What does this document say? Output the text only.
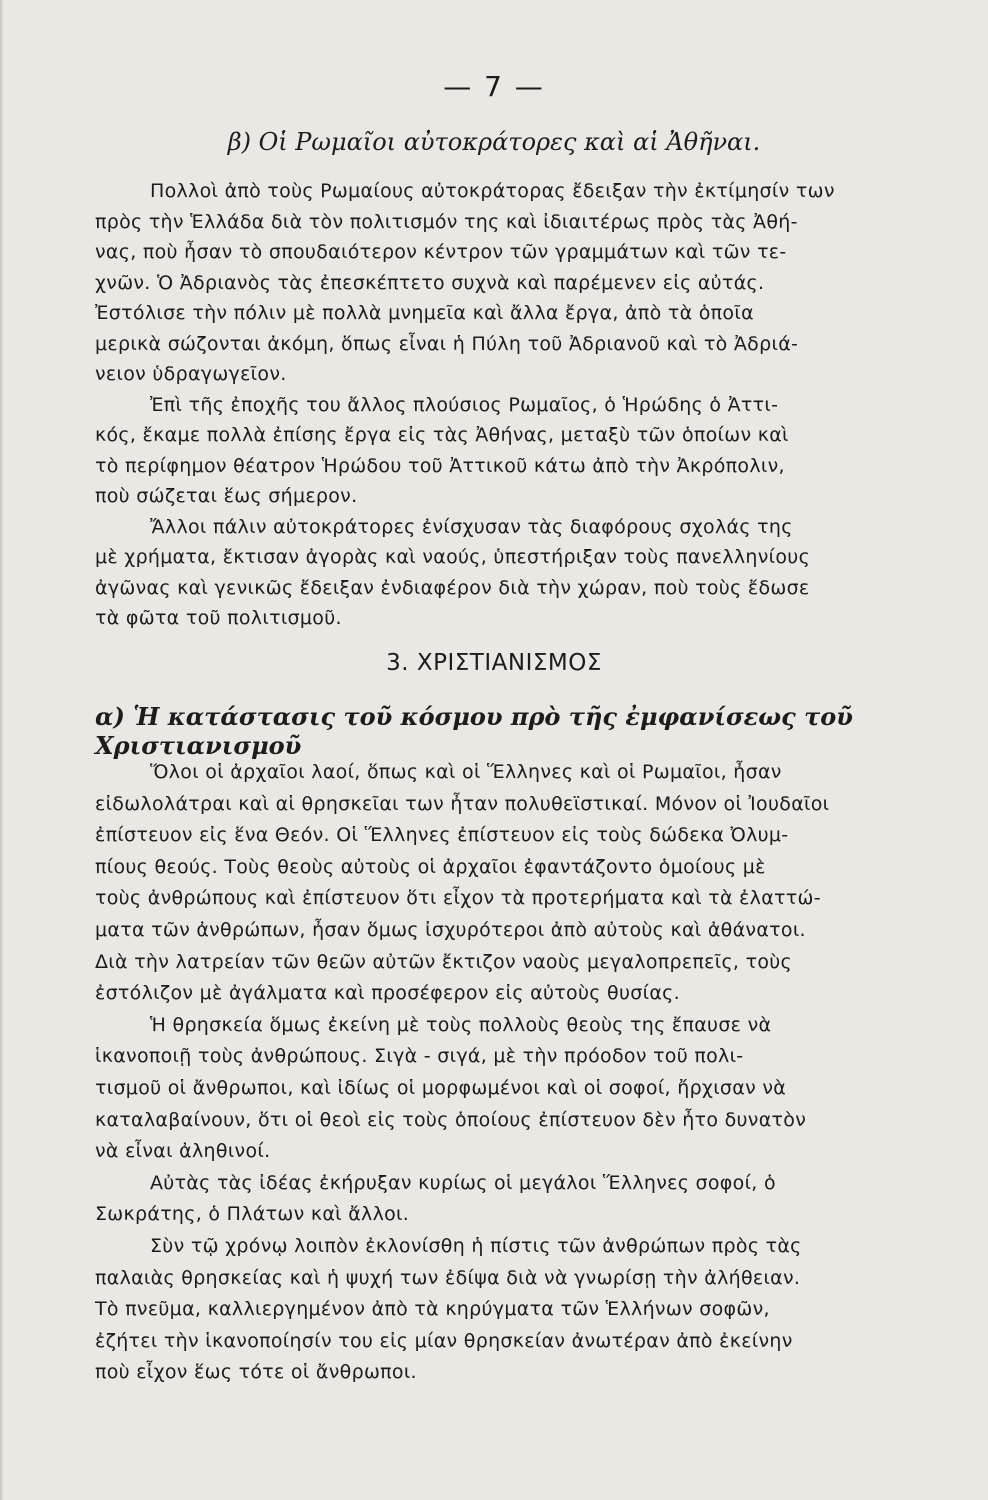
— 7 —
β) Οἱ Ρωμαῖοι αὐτοκράτορες καὶ αἱ Ἀθῆναι.
Πολλοὶ ἀπὸ τοὺς Ρωμαίους αὐτοκράτορας ἔδειξαν τὴν ἐκτίμησίν των
πρὸς τὴν Ἑλλάδα διὰ τὸν πολιτισμόν της καὶ ἰδιαιτέρως πρὸς τὰς Ἀθή-
νας, ποὺ ἦσαν τὸ σπουδαιότερον κέντρον τῶν γραμμάτων καὶ τῶν τε-
χνῶν. Ὁ Ἀδριανὸς τὰς ἐπεσκέπτετο συχνὰ καὶ παρέμενεν εἰς αὐτάς.
Ἐστόλισε τὴν πόλιν μὲ πολλὰ μνημεῖα καὶ ἄλλα ἔργα, ἀπὸ τὰ ὁποῖα
μερικὰ σώζονται ἀκόμη, ὅπως εἶναι ἡ Πύλη τοῦ Ἀδριανοῦ καὶ τὸ Ἀδριά-
νειον ὑδραγωγεῖον.
Ἐπὶ τῆς ἐποχῆς του ἄλλος πλούσιος Ρωμαῖος, ὁ Ἡρώδης ὁ Ἀττι-
κός, ἔκαμε πολλὰ ἐπίσης ἔργα εἰς τὰς Ἀθήνας, μεταξὺ τῶν ὁποίων καὶ
τὸ περίφημον θέατρον Ἡρώδου τοῦ Ἀττικοῦ κάτω ἀπὸ τὴν Ἀκρόπολιν,
ποὺ σώζεται ἕως σήμερον.
Ἄλλοι πάλιν αὐτοκράτορες ἐνίσχυσαν τὰς διαφόρους σχολάς της
μὲ χρήματα, ἔκτισαν ἀγορὰς καὶ ναούς, ὑπεστήριξαν τοὺς πανελληνίους
ἀγῶνας καὶ γενικῶς ἔδειξαν ἐνδιαφέρον διὰ τὴν χώραν, ποὺ τοὺς ἔδωσε
τὰ φῶτα τοῦ πολιτισμοῦ.
3. ΧΡΙΣΤΙΑΝΙΣΜΟΣ
α) Ἡ κατάστασις τοῦ κόσμου πρὸ τῆς ἐμφανίσεως τοῦ Χριστιανισμοῦ
Ὅλοι οἱ ἀρχαῖοι λαοί, ὅπως καὶ οἱ Ἕλληνες καὶ οἱ Ρωμαῖοι, ἦσαν
εἰδωλολάτραι καὶ αἱ θρησκεῖαι των ἦταν πολυθεϊστικαί. Μόνον οἱ Ἰουδαῖοι
ἐπίστευον εἰς ἕνα Θεόν. Οἱ Ἕλληνες ἐπίστευον εἰς τοὺς δώδεκα Ὀλυμ-
πίους θεούς. Τοὺς θεοὺς αὐτοὺς οἱ ἀρχαῖοι ἐφαντάζοντο ὁμοίους μὲ
τοὺς ἀνθρώπους καὶ ἐπίστευον ὅτι εἶχον τὰ προτερήματα καὶ τὰ ἐλαττώ-
ματα τῶν ἀνθρώπων, ἦσαν ὅμως ἰσχυρότεροι ἀπὸ αὐτοὺς καὶ ἀθάνατοι.
Διὰ τὴν λατρείαν τῶν θεῶν αὐτῶν ἔκτιζον ναοὺς μεγαλοπρεπεῖς, τοὺς
ἐστόλιζον μὲ ἀγάλματα καὶ προσέφερον εἰς αὐτοὺς θυσίας.
Ἡ θρησκεία ὅμως ἐκείνη μὲ τοὺς πολλοὺς θεοὺς της ἔπαυσε νὰ
ἱκανοποιῇ τοὺς ἀνθρώπους. Σιγὰ - σιγά, μὲ τὴν πρόοδον τοῦ πολι-
τισμοῦ οἱ ἄνθρωποι, καὶ ἰδίως οἱ μορφωμένοι καὶ οἱ σοφοί, ἤρχισαν νὰ
καταλαβαίνουν, ὅτι οἱ θεοὶ εἰς τοὺς ὁποίους ἐπίστευον δὲν ἦτο δυνατὸν
νὰ εἶναι ἀληθινοί.
Αὐτὰς τὰς ἰδέας ἐκήρυξαν κυρίως οἱ μεγάλοι Ἕλληνες σοφοί, ὁ
Σωκράτης, ὁ Πλάτων καὶ ἄλλοι.
Σὺν τῷ χρόνῳ λοιπὸν ἐκλονίσθη ἡ πίστις τῶν ἀνθρώπων πρὸς τὰς
παλαιὰς θρησκείας καὶ ἡ ψυχή των ἐδίψα διὰ νὰ γνωρίσῃ τὴν ἀλήθειαν.
Τὸ πνεῦμα, καλλιεργημένον ἀπὸ τὰ κηρύγματα τῶν Ἑλλήνων σοφῶν,
ἐζήτει τὴν ἱκανοποίησίν του εἰς μίαν θρησκείαν ἀνωτέραν ἀπὸ ἐκείνην
ποὺ εἶχον ἕως τότε οἱ ἄνθρωποι.
